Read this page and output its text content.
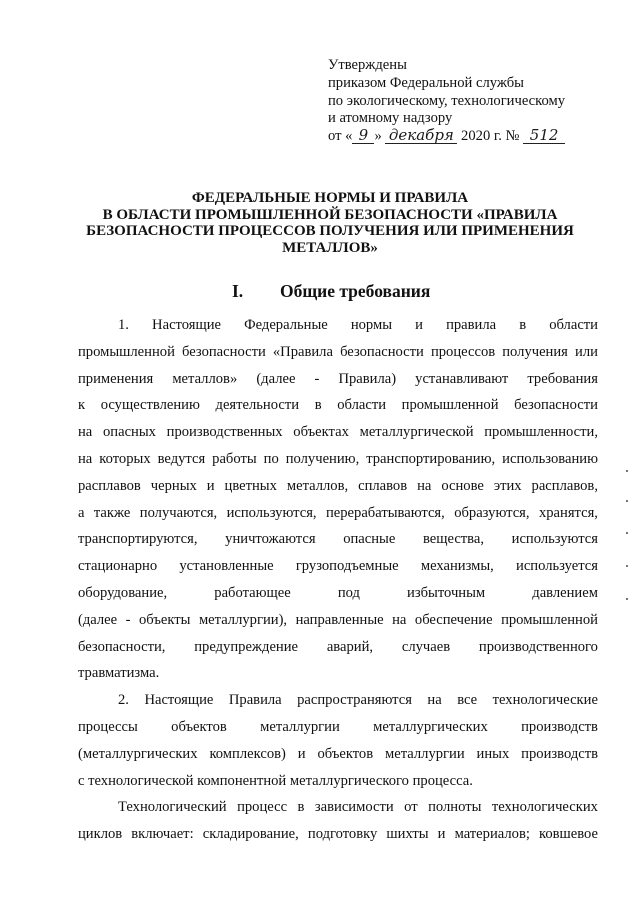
Утверждены
приказом Федеральной службы
по экологическому, технологическому
и атомному надзору
от « 9 » декабря 2020 г. № 512
ФЕДЕРАЛЬНЫЕ НОРМЫ И ПРАВИЛА
В ОБЛАСТИ ПРОМЫШЛЕННОЙ БЕЗОПАСНОСТИ «ПРАВИЛА
БЕЗОПАСНОСТИ ПРОЦЕССОВ ПОЛУЧЕНИЯ ИЛИ ПРИМЕНЕНИЯ
МЕТАЛЛОВ»
I. Общие требования
1. Настоящие Федеральные нормы и правила в области
промышленной безопасности «Правила безопасности процессов получения или
применения металлов» (далее - Правила) устанавливают требования
к осуществлению деятельности в области промышленной безопасности
на опасных производственных объектах металлургической промышленности,
на которых ведутся работы по получению, транспортированию, использованию
расплавов черных и цветных металлов, сплавов на основе этих расплавов,
а также получаются, используются, перерабатываются, образуются, хранятся,
транспортируются, уничтожаются опасные вещества, используются
стационарно установленные грузоподъемные механизмы, используется
оборудование,	работающее	под	избыточным	давлением
(далее - объекты металлургии), направленные на обеспечение промышленной
безопасности, предупреждение аварий, случаев производственного
травматизма.
2. Настоящие Правила распространяются на все технологические
процессы объектов металлургии металлургических производств
(металлургических комплексов) и объектов металлургии иных производств
с технологической компонентной металлургического процесса.
Технологический процесс в зависимости от полноты технологических
циклов включает: складирование, подготовку шихты и материалов; ковшевое
